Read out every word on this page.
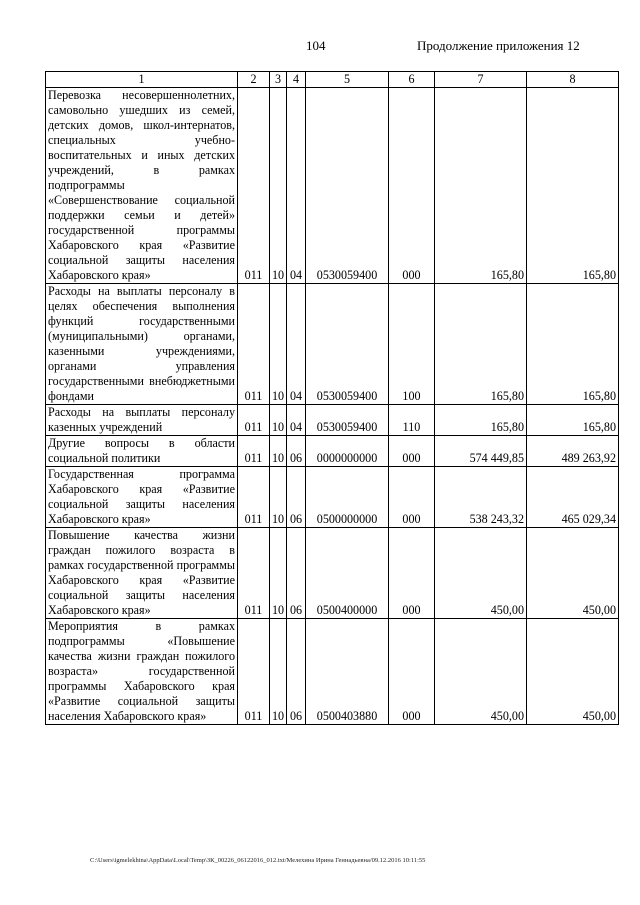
104	Продолжение приложения 12
1	2	3	4	5	6	7	8
Перевозка несовершеннолетних, самовольно ушедших из семей, детских домов, школ-интернатов, специальных учебно-воспитательных и иных детских учреждений, в рамках подпрограммы «Совершенствование социальной поддержки семьи и детей» государственной программы Хабаровского края «Развитие социальной защиты населения Хабаровского края»	011	10	04	0530059400	000	165,80	165,80
Расходы на выплаты персоналу в целях обеспечения выполнения функций государственными (муниципальными) органами, казенными учреждениями, органами управления государственными внебюджетными фондами	011	10	04	0530059400	100	165,80	165,80
Расходы на выплаты персоналу казенных учреждений	011	10	04	0530059400	110	165,80	165,80
Другие вопросы в области социальной политики	011	10	06	0000000000	000	574 449,85	489 263,92
Государственная программа Хабаровского края «Развитие социальной защиты населения Хабаровского края»	011	10	06	0500000000	000	538 243,32	465 029,34
Повышение качества жизни граждан пожилого возраста в рамках государственной программы Хабаровского края «Развитие социальной защиты населения Хабаровского края»	011	10	06	0500400000	000	450,00	450,00
Мероприятия в рамках подпрограммы «Повышение качества жизни граждан пожилого возраста» государственной программы Хабаровского края «Развитие социальной защиты населения Хабаровского края»	011	10	06	0500403880	000	450,00	450,00
C:\Users\igmelekhina\AppData\Local\Temp\ЗК_00226_06122016_012.txt/Мелехина Ирина Геннадьевна/09.12.2016 10:11:55
